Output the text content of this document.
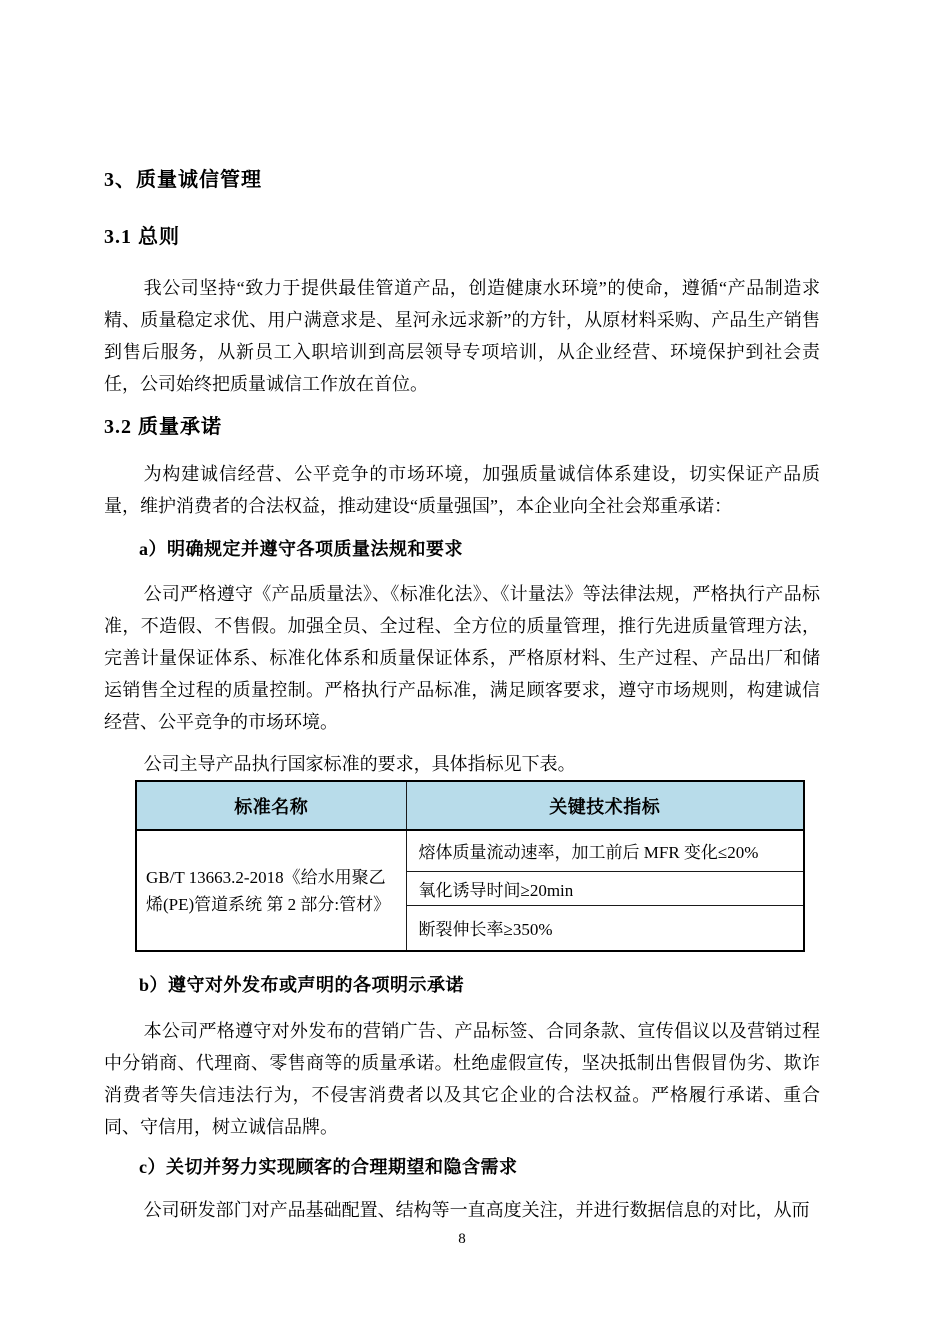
3、质量诚信管理
3.1 总则

我公司坚持“致力于提供最佳管道产品，创造健康水环境”的使命，遵循“产品制造求精、质量稳定求优、用户满意求是、星河永远求新”的方针，从原材料采购、产品生产销售到售后服务，从新员工入职培训到高层领导专项培训，从企业经营、环境保护到社会责任，公司始终把质量诚信工作放在首位。

3.2 质量承诺

为构建诚信经营、公平竞争的市场环境，加强质量诚信体系建设，切实保证产品质量，维护消费者的合法权益，推动建设“质量强国”，本企业向全社会郑重承诺：

a）明确规定并遵守各项质量法规和要求

公司严格遵守《产品质量法》、《标准化法》、《计量法》等法律法规，严格执行产品标准，不造假、不售假。加强全员、全过程、全方位的质量管理，推行先进质量管理方法，完善计量保证体系、标准化体系和质量保证体系，严格原材料、生产过程、产品出厂和储运销售全过程的质量控制。严格执行产品标准，满足顾客要求，遵守市场规则，构建诚信经营、公平竞争的市场环境。

公司主导产品执行国家标准的要求，具体指标见下表。

标准名称	关键技术指标
GB/T 13663.2-2018《给水用聚乙烯(PE)管道系统 第 2 部分:管材》	熔体质量流动速率，加工前后 MFR 变化≤20%
	氧化诱导时间≥20min
	断裂伸长率≥350%
b）遵守对外发布或声明的各项明示承诺

本公司严格遵守对外发布的营销广告、产品标签、合同条款、宣传倡议以及营销过程中分销商、代理商、零售商等的质量承诺。杜绝虚假宣传，坚决抵制出售假冒伪劣、欺诈消费者等失信违法行为，不侵害消费者以及其它企业的合法权益。严格履行承诺、重合同、守信用，树立诚信品牌。

c）关切并努力实现顾客的合理期望和隐含需求

公司研发部门对产品基础配置、结构等一直高度关注，并进行数据信息的对比，从而

8
